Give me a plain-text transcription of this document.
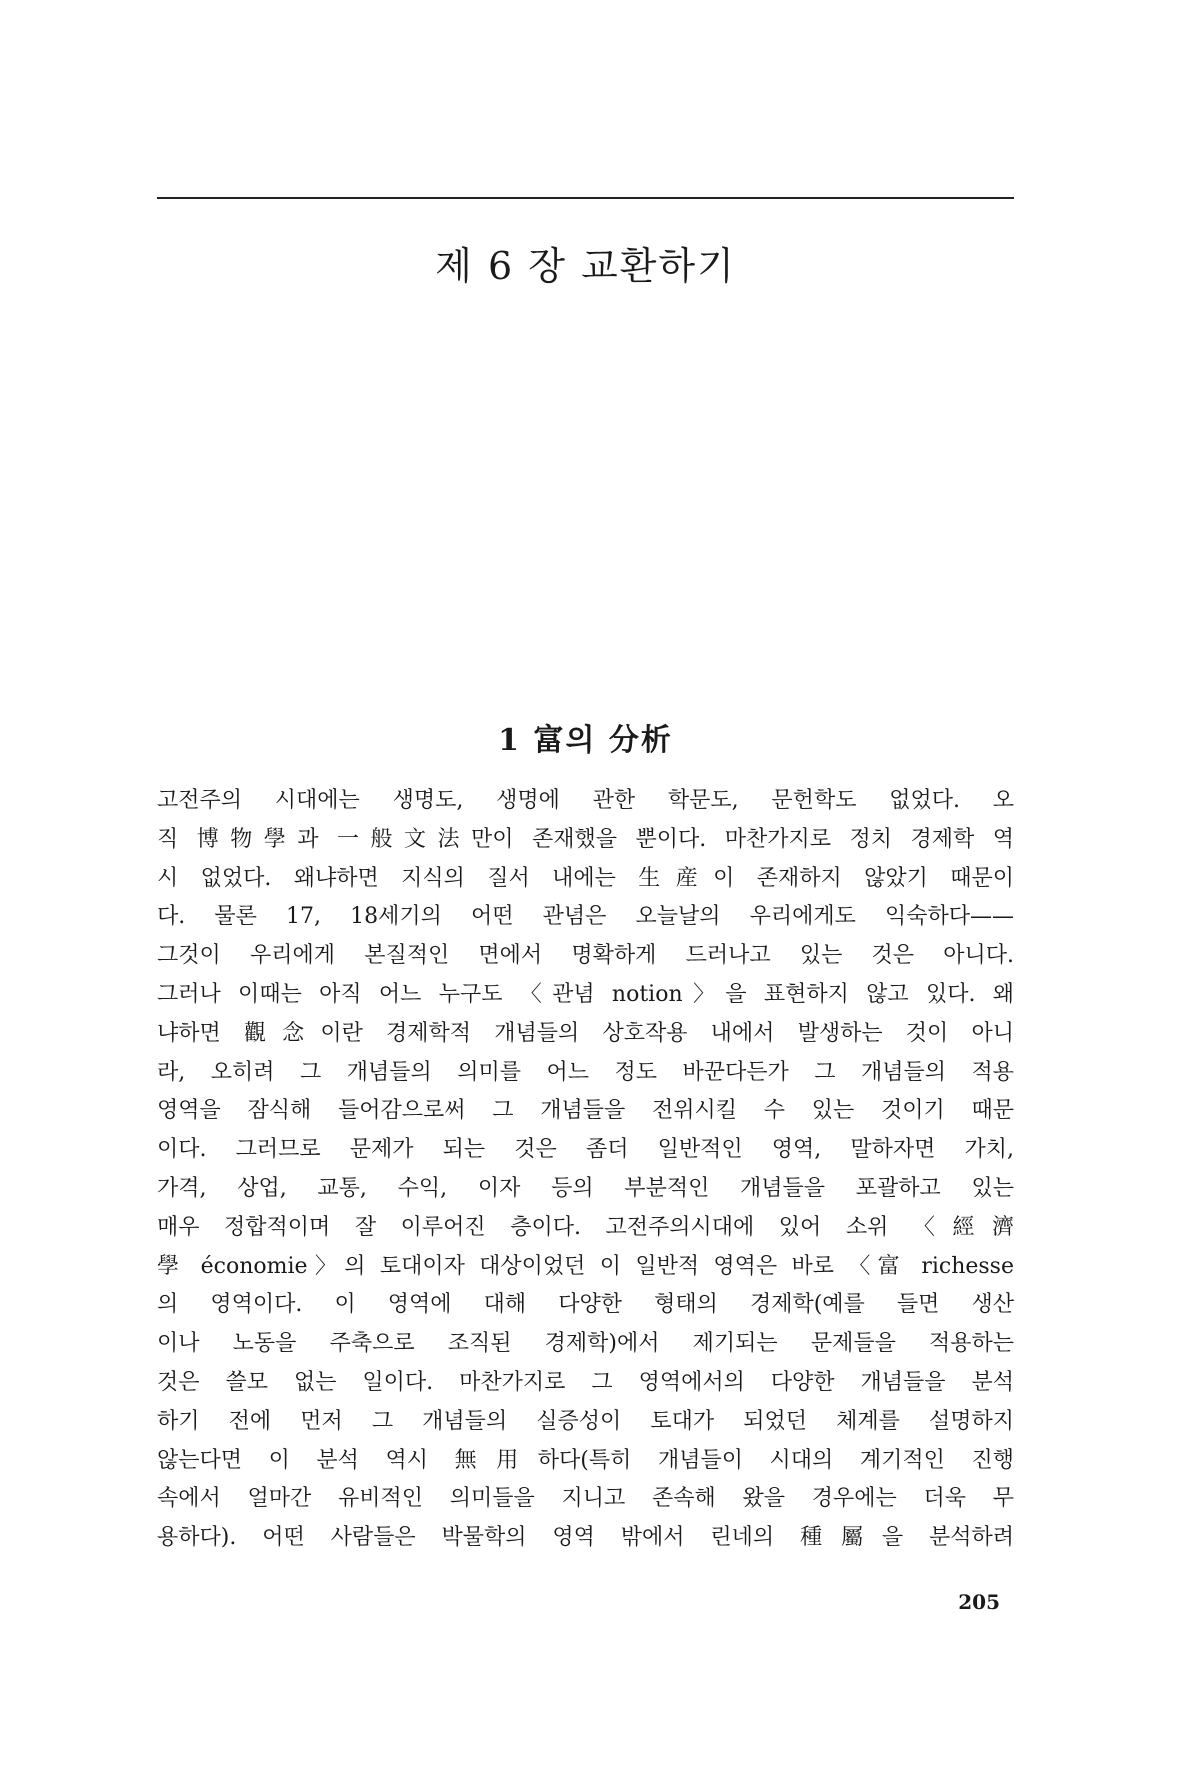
제 6 장 교환하기
1 富의 分析
고전주의 시대에는 생명도, 생명에 관한 학문도, 문헌학도 없었다. 오
직 博物學과 一般文法만이 존재했을 뿐이다. 마찬가지로 정치 경제학 역
시 없었다. 왜냐하면 지식의 질서 내에는 生産이 존재하지 않았기 때문이
다. 물론 17, 18세기의 어떤 관념은 오늘날의 우리에게도 익숙하다——
그것이 우리에게 본질적인 면에서 명확하게 드러나고 있는 것은 아니다.
그러나 이때는 아직 어느 누구도 〈관념 notion〉을 표현하지 않고 있다. 왜
냐하면 觀念이란 경제학적 개념들의 상호작용 내에서 발생하는 것이 아니
라, 오히려 그 개념들의 의미를 어느 정도 바꾼다든가 그 개념들의 적용
영역을 잠식해 들어감으로써 그 개념들을 전위시킬 수 있는 것이기 때문
이다. 그러므로 문제가 되는 것은 좀더 일반적인 영역, 말하자면 가치,
가격, 상업, 교통, 수익, 이자 등의 부분적인 개념들을 포괄하고 있는
매우 정합적이며 잘 이루어진 층이다. 고전주의시대에 있어 소위 〈經濟
學 économie〉의 토대이자 대상이었던 이 일반적 영역은 바로 〈富 richesse
의 영역이다. 이 영역에 대해 다양한 형태의 경제학(예를 들면 생산
이나 노동을 주축으로 조직된 경제학)에서 제기되는 문제들을 적용하는
것은 쓸모 없는 일이다. 마찬가지로 그 영역에서의 다양한 개념들을 분석
하기 전에 먼저 그 개념들의 실증성이 토대가 되었던 체계를 설명하지
않는다면 이 분석 역시 無用하다(특히 개념들이 시대의 계기적인 진행
속에서 얼마간 유비적인 의미들을 지니고 존속해 왔을 경우에는 더욱 무
용하다). 어떤 사람들은 박물학의 영역 밖에서 린네의 種屬을 분석하려
205
